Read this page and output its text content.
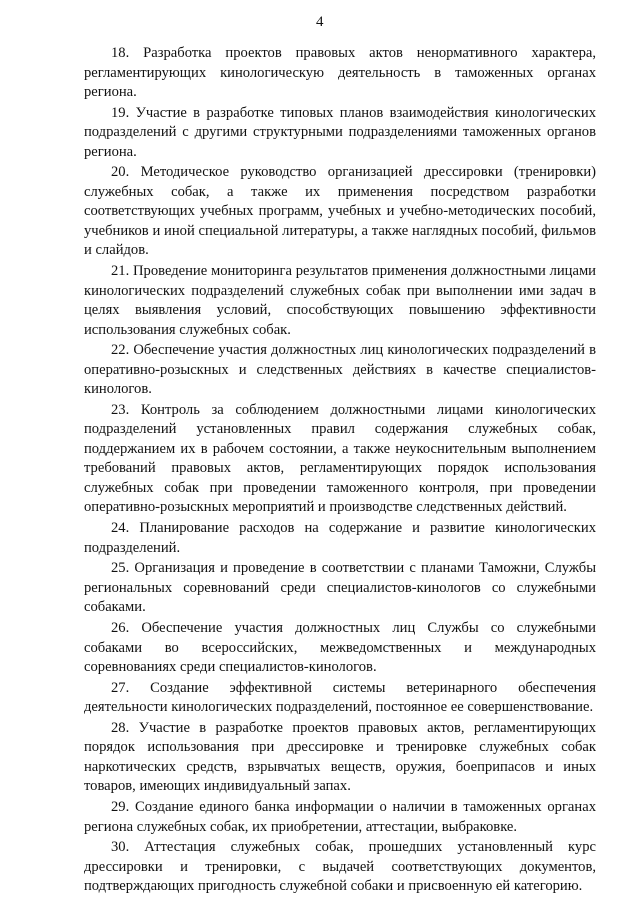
4

18. Разработка проектов правовых актов ненормативного характера, регламентирующих кинологическую деятельность в таможенных органах региона.

19. Участие в разработке типовых планов взаимодействия кинологических подразделений с другими структурными подразделениями таможенных органов региона.

20. Методическое руководство организацией дрессировки (тренировки) служебных собак, а также их применения посредством разработки соответствующих учебных программ, учебных и учебно-методических пособий, учебников и иной специальной литературы, а также наглядных пособий, фильмов и слайдов.

21. Проведение мониторинга результатов применения должностными лицами кинологических подразделений служебных собак при выполнении ими задач в целях выявления условий, способствующих повышению эффективности использования служебных собак.

22. Обеспечение участия должностных лиц кинологических подразделений в оперативно-розыскных и следственных действиях в качестве специалистов-кинологов.

23. Контроль за соблюдением должностными лицами кинологических подразделений установленных правил содержания служебных собак, поддержанием их в рабочем состоянии, а также неукоснительным выполнением требований правовых актов, регламентирующих порядок использования служебных собак при проведении таможенного контроля, при проведении оперативно-розыскных мероприятий и производстве следственных действий.

24. Планирование расходов на содержание и развитие кинологических подразделений.

25. Организация и проведение в соответствии с планами Таможни, Службы региональных соревнований среди специалистов-кинологов со служебными собаками.

26. Обеспечение участия должностных лиц Службы со служебными собаками во всероссийских, межведомственных и международных соревнованиях среди специалистов-кинологов.

27. Создание эффективной системы ветеринарного обеспечения деятельности кинологических подразделений, постоянное ее совершенствование.

28. Участие в разработке проектов правовых актов, регламентирующих порядок использования при дрессировке и тренировке служебных собак наркотических средств, взрывчатых веществ, оружия, боеприпасов и иных товаров, имеющих индивидуальный запах.

29. Создание единого банка информации о наличии в таможенных органах региона служебных собак, их приобретении, аттестации, выбраковке.

30. Аттестация служебных собак, прошедших установленный курс дрессировки и тренировки, с выдачей соответствующих документов, подтверждающих пригодность служебной собаки и присвоенную ей категорию.
